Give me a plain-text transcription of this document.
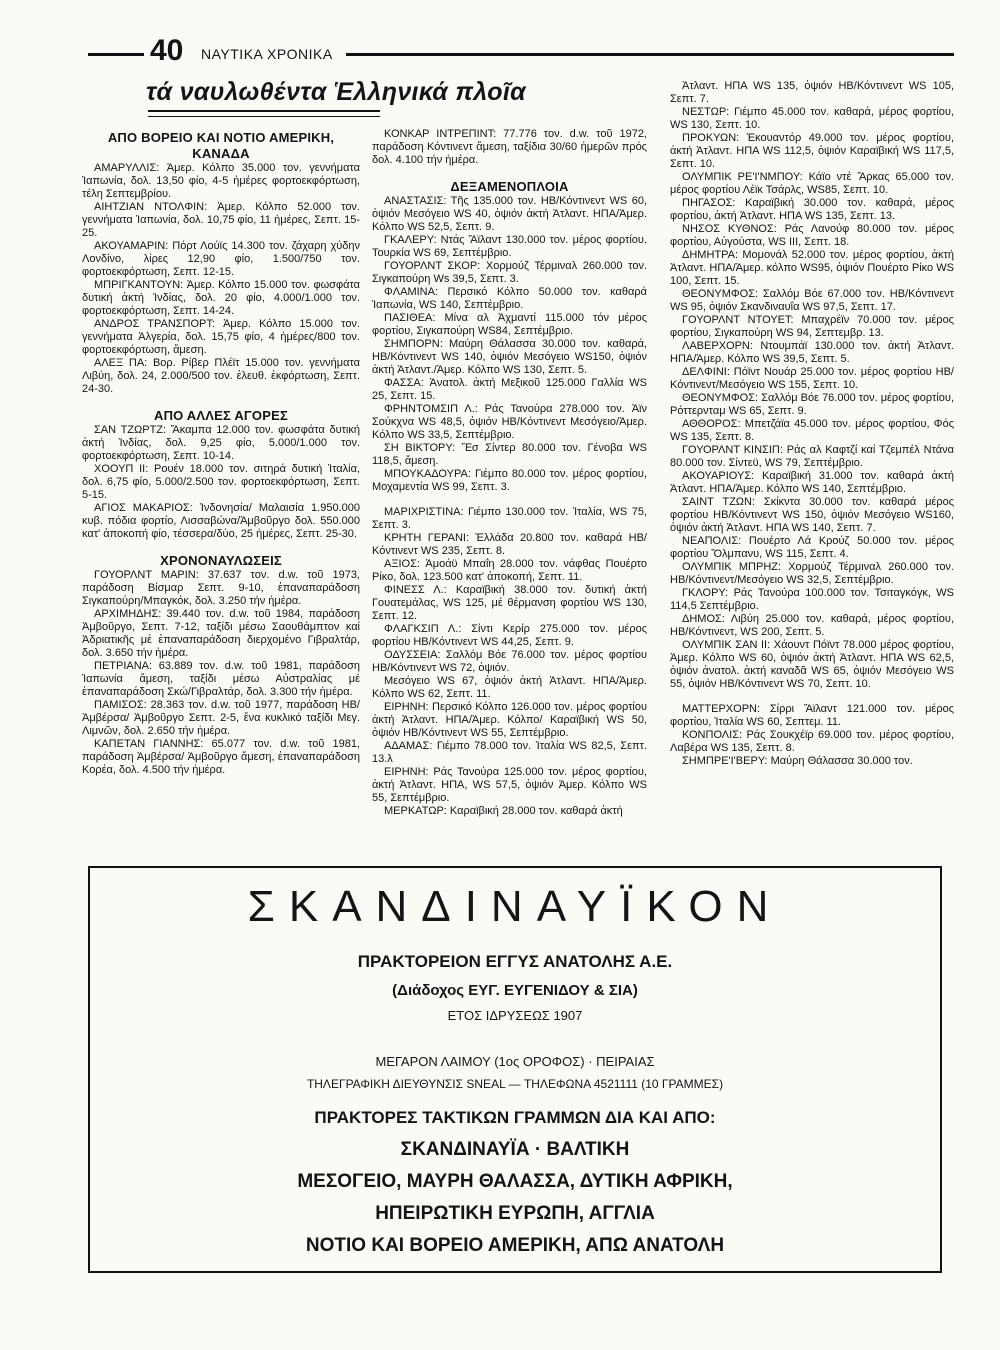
40 ΝΑΥΤΙΚΑ ΧΡΟΝΙΚΑ
τά ναυλωθέντα Ἑλληνικά πλοῖα
ΑΠΟ ΒΟΡΕΙΟ ΚΑΙ ΝΟΤΙΟ ΑΜΕΡΙΚΗ, ΚΑΝΑΔΑ

ΑΜΑΡΥΛΛΙΣ: Ἀμερ. Κόλπο 35.000 τον. γεννήματα Ἰαπωνία, δολ. 13,50 φίο, 4-5 ἡμέρες φορτοεκφόρτωση, τέλη Σεπτεμβρίου.

ΑΙΗΤΖΙΑΝ ΝΤΟΛΦΙΝ: Ἀμερ. Κόλπο 52.000 τον. γεννήματα Ἰαπωνία, δολ. 10,75 φίο, 11 ἡμέρες, Σεπτ. 15-25.

ΑΚΟΥΑΜΑΡΙΝ: Πόρτ Λούϊς 14.300 τον. ζάχαρη χύδην Λονδίνο, λίρες 12,90 φίο, 1.500/750 τον. φορτοεκφόρτωση, Σεπτ. 12-15.

ΜΠΡΙΓΚΑΝΤΟΥΝ: Ἀμερ. Κόλπο 15.000 τον. φωσφάτα δυτική ἀκτή Ἰνδίας, δολ. 20 φίο, 4.000/1.000 τον. φορτοεκφόρτωση, Σεπτ. 14-24.

ΑΝΔΡΟΣ ΤΡΑΝΣΠΟΡΤ: Ἀμερ. Κόλπο 15.000 τον. γεννήματα Ἀλγερία, δολ. 15,75 φίο, 4 ἡμέρες/800 τον. φορτοεκφόρτωση, ἄμεση.

ΑΛΕΞ ΠΑ: Βορ. Ρίβερ Πλέϊτ 15.000 τον. γεννήματα Λιβύη, δολ. 24, 2.000/500 τον. ἐλευθ. ἐκφόρτωση, Σεπτ. 24-30.

ΑΠΟ ΑΛΛΕΣ ΑΓΟΡΕΣ

ΣΑΝ ΤΖΩΡΤΖ: Ἄκαμπα 12.000 τον. φωσφάτα δυτική ἀκτή Ἰνδίας, δολ. 9,25 φίο, 5.000/1.000 τον. φορτοεκφόρτωση, Σεπτ. 10-14.

ΧΟΟΥΠ ΙΙ: Ρουέν 18.000 τον. σιτηρά δυτική Ἰταλία, δολ. 6,75 φίο, 5.000/2.500 τον. φορτοεκφόρτωση, Σεπτ. 5-15.

ΑΓΙΟΣ ΜΑΚΑΡΙΟΣ: Ἰνδονησία/ Μαλαισία 1.950.000 κυβ. πόδια φορτίο, Λισσαβώνα/Ἀμβοῦργο δολ. 550.000 κατ' ἀποκοπή φίο, τέσσερα/δύο, 25 ἡμέρες, Σεπτ. 25-30.

ΧΡΟΝΟΝΑΥΛΩΣΕΙΣ

ΓΟΥΟΡΛΝΤ ΜΑΡΙΝ: 37.637 τον. d.w. τοῦ 1973, παράδοση Βίσμαρ Σεπτ. 9-10, ἐπαναπαράδοση Σιγκαπούρη/Μπαγκόκ, δολ. 3.250 τήν ἡμέρα.

ΑΡΧΙΜΗΔΗΣ: 39.440 τον. d.w. τοῦ 1984, παράδοση Ἀμβοῦργο, Σεπτ. 7-12, ταξίδι μέσω Σαουθάμπτον καί Ἀδριατικῆς μέ ἐπαναπαράδοση διερχομένο Γιβραλτάρ, δολ. 3.650 τήν ἡμέρα.

ΠΕΤΡΙΑΝΑ: 63.889 τον. d.w. τοῦ 1981, παράδοση Ἰαπωνία ἄμεση, ταξίδι μέσω Αὐστραλίας μέ ἐπαναπαράδοση Σκώ/Γιβραλτάρ, δολ. 3.300 τήν ἡμέρα.

ΠΑΜΙΣΟΣ: 28.363 τον. d.w. τοῦ 1977, παράδοση ΗΒ/Ἀμβέρσα/ Ἀμβοῦργο Σεπτ. 2-5, ἕνα κυκλικό ταξίδι Μεγ. Λιμνῶν, δολ. 2.650 τήν ἡμέρα.

ΚΑΠΕΤΑΝ ΓΙΑΝΝΗΣ: 65.077 τον. d.w. τοῦ 1981, παράδοση Ἀμβέρσα/ Ἀμβοῦργο ἄμεση, ἐπαναπαράδοση Κορέα, δολ. 4.500 τήν ἡμέρα.

ΚΟΝΚΑΡ ΙΝΤΡΕΠΙΝΤ: 77.776 τον. d.w. τοῦ 1972, παράδοση Κόντινεντ ἄμεση, ταξίδια 30/60 ἡμερῶν πρός δολ. 4.100 τήν ἡμέρα.

ΔΕΞΑΜΕΝΟΠΛΟΙΑ

ΑΝΑΣΤΑΣΙΣ: Τῆς 135.000 τον. ΗΒ/Κόντινεντ WS 60, ὀψιόν Μεσόγειο WS 40, ὀψιόν ἀκτή Ἀτλαντ. ΗΠΑ/Ἀμερ. Κόλπο WS 52,5, Σεπτ. 9.

ΓΚΑΛΕΡΥ: Ντάς Ἄϊλαντ 130.000 τον. μέρος φορτίου. Τουρκία WS 69, Σεπτέμβριο.

ΓΟΥΟΡΛΝΤ ΣΚΟΡ: Χορμούζ Τέρμιναλ 260.000 τον. Σιγκαπούρη Ws 39,5, Σεπτ. 3.

ΦΛΑΜΙΝΑ: Περσικό Κόλπο 50.000 τον. καθαρά Ἰαπωνία, WS 140, Σεπτέμβριο.

ΠΑΣΙΘΕΑ: Μίνα αλ Ἀχμαντί 115.000 τόν μέρος φορτίου, Σιγκαπούρη WS84, Σεπτέμβριο.

ΣΗΜΠΟΡΝ: Μαύρη Θάλασσα 30.000 τον. καθαρά, ΗΒ/Κόντινεντ WS 140, ὀψιόν Μεσόγειο WS150, ὀψιόν ἀκτή Ἀτλαντ./Ἀμερ. Κόλπο WS 130, Σεπτ. 5.

ΦΑΣΣΑ: Ἀνατολ. ἀκτή Μεξικοῦ 125.000 Γαλλία WS 25, Σεπτ. 15.

ΦΡΗΝΤΟΜΣΙΠ Λ.: Ράς Τανούρα 278.000 τον. Ἀϊν Σούκχνα WS 48,5, ὀψιόν ΗΒ/Κόντινεντ Μεσόγειο/Ἀμερ. Κόλπο WS 33,5, Σεπτέμβριο.

ΣΗ ΒΙΚΤΟΡΥ: Ἔσ Σίντερ 80.000 τον. Γένοβα WS 118,5, ἄμεση.

ΜΠΟΥΚΑΔΟΥΡΑ: Γιέμπο 80.000 τον. μέρος φορτίου, Μοχαμεντία WS 99, Σεπτ. 3.

ΜΑΡΙΧΡΙΣΤΙΝΑ: Γιέμπο 130.000 τον. Ἰταλία, WS 75, Σεπτ. 3.

ΚΡΗΤΗ ΓΕΡΑΝΙ: Ἑλλάδα 20.800 τον. καθαρά ΗΒ/Κόντινεντ WS 235, Σεπτ. 8.

ΑΞΙΟΣ: Ἀμοάϋ Μπαΐη 28.000 τον. νάφθας Πουέρτο Ρίκο, δολ. 123.500 κατ' ἀποκοπή, Σεπτ. 11.

ΦΙΝΕΣΣ Λ.: Καραϊβική 38.000 τον. δυτική ἀκτή Γουατεμάλας, WS 125, μέ θέρμανση φορτίου WS 130, Σεπτ. 12.

ΦΛΑΓΚΣΙΠ Λ.: Σίντι Κερίρ 275.000 τον. μέρος φορτίου ΗΒ/Κόντινεντ WS 44,25, Σεπτ. 9.

ΟΔΥΣΣΕΙΑ: Σαλλόμ Βόε 76.000 τον. μέρος φορτίου ΗΒ/Κόντινεντ WS 72, ὀψιόν.

Μεσόγειο WS 67, ὀψιόν ἀκτή Ἀτλαντ. ΗΠΑ/Ἀμερ. Κόλπο WS 62, Σεπτ. 11.

ΕΙΡΗΝΗ: Περσικό Κόλπο 126.000 τον. μέρος φορτίου ἀκτή Ἀτλαντ. ΗΠΑ/Ἀμερ. Κόλπο/ Καραϊβική WS 50, ὀψιόν ΗΒ/Κόντινεντ WS 55, Σεπτέμβριο.

ΑΔΑΜΑΣ: Γιέμπο 78.000 τον. Ἰταλία WS 82,5, Σεπτ. 13.λ

ΕΙΡΗΝΗ: Ράς Τανούρα 125.000 τον. μέρος φορτίου, ἀκτή Ἀτλαντ. ΗΠΑ, WS 57,5, ὀψιόν Ἀμερ. Κόλπο WS 55, Σεπτέμβριο.

ΜΕΡΚΑΤΩΡ: Καραϊβική 28.000 τον. καθαρά ἀκτή

Ἀτλαντ. ΗΠΑ WS 135, ὀψιόν ΗΒ/Κόντινεντ WS 105, Σεπτ. 7.

ΝΕΣΤΩΡ: Γιέμπο 45.000 τον. καθαρά, μέρος φορτίου, WS 130, Σεπτ. 10.

ΠΡΟΚΥΩΝ: Ἐκουαντόρ 49.000 τον. μέρος φορτίου, ἀκτή Ἀτλαντ. ΗΠΑ WS 112,5, ὀψιόν Καραϊβική WS 117,5, Σεπτ. 10.

ΟΛΥΜΠΙΚ ΡΕ'Ι'ΝΜΠΟΥ: Κάϊο ντέ Ἄρκας 65.000 τον. μέρος φορτίου Λέϊκ Τσάρλς, WS85, Σεπτ. 10.

ΠΗΓΑΣΟΣ: Καραϊβική 30.000 τον. καθαρά, μέρος φορτίου, ἀκτή Ἀτλαντ. ΗΠΑ WS 135, Σεπτ. 13.

ΝΗΣΟΣ ΚΥΘΝΟΣ: Ράς Λανούφ 80.000 τον. μέρος φορτίου, Αὐγούστα, WS III, Σεπτ. 18.

ΔΗΜΗΤΡΑ: Μομονάλ 52.000 τον. μέρος φορτίου, ἀκτή Ἀτλαντ. ΗΠΑ/Ἀμερ. κόλπο WS95, ὀψιόν Πουέρτο Ρίκο WS 100, Σεπτ. 15.

ΘΕΟΝΥΜΦΟΣ: Σαλλόμ Βόε 67.000 τον. ΗΒ/Κόντινεντ WS 95, ὀψιόν Σκανδιναυΐα WS 97,5, Σεπτ. 17.

ΓΟΥΟΡΛΝΤ ΝΤΟΥΕΤ: Μπαχρέϊν 70.000 τον. μέρος φορτίου, Σιγκαπούρη WS 94, Σεπτεμβρ. 13.

ΛΑΒΕΡΧΟΡΝ: Ντουμπάϊ 130.000 τον. ἀκτή Ἀτλαντ. ΗΠΑ/Ἀμερ. Κόλπο WS 39,5, Σεπτ. 5.

ΔΕΛΦΙΝΙ: Πόϊντ Νουάρ 25.000 τον. μέρος φορτίου ΗΒ/Κόντινεντ/Μεσόγειο WS 155, Σεπτ. 10.

ΘΕΟΝΥΜΦΟΣ: Σαλλόμ Βόε 76.000 τον. μέρος φορτίου, Ρόττερνταμ WS 65, Σεπτ. 9.

ΑΘΘΟΡΟΣ: Μπετζάϊα 45.000 τον. μέρος φορτίου, Φός WS 135, Σεπτ. 8.

ΓΟΥΟΡΛΝΤ ΚΙΝΣΙΠ: Ράς αλ Καφτζί καί Τζεμπέλ Ντάνα 80.000 τον. Σίντεϋ, WS 79, Σεπτέμβριο.

ΑΚΟΥΑΡΙΟΥΣ: Καραϊβική 31.000 τον. καθαρά ἀκτή Ἀτλαντ. ΗΠΑ/Ἀμερ. Κόλπο WS 140, Σεπτέμβριο.

ΣΑΙΝΤ ΤΖΩΝ: Σκίκντα 30.000 τον. καθαρά μέρος φορτίου ΗΒ/Κόντινεντ WS 150, ὀψιόν Μεσόγειο WS160, ὀψιόν ἀκτή Ἀτλαντ. ΗΠΑ WS 140, Σεπτ. 7.

ΝΕΑΠΟΛΙΣ: Πουέρτο Λά Κρούζ 50.000 τον. μέρος φορτίου Ὄλμπανυ, WS 115, Σεπτ. 4.

ΟΛΥΜΠΙΚ ΜΠΡΗΖ: Χορμούζ Τέρμιναλ 260.000 τον. ΗΒ/Κόντινεντ/Μεσόγειο WS 32,5, Σεπτέμβριο.

ΓΚΛΟΡΥ: Ράς Τανούρα 100.000 τον. Τσιταγκόγκ, WS 114,5 Σεπτέμβριο.

ΔΗΜΟΣ: Λιβύη 25.000 τον. καθαρά, μέρος φορτίου, ΗΒ/Κόντινεντ, WS 200, Σεπτ. 5.

ΟΛΥΜΠΙΚ ΣΑΝ ΙΙ: Χάουντ Πόϊντ 78.000 μέρος φορτίου, Ἀμερ. Κόλπο WS 60, ὀψιόν ἀκτή Ἀτλαντ. ΗΠΑ WS 62,5, ὀψιόν ἀνατολ. ἀκτή καναδᾶ WS 65, ὀψιόν Μεσόγειο WS 55, ὀψιόν ΗΒ/Κόντινεντ WS 70, Σεπτ. 10.

ΜΑΤΤΕΡΧΟΡΝ: Σίρρι Ἄϊλαντ 121.000 τον. μέρος φορτίου, Ἰταλία WS 60, Σεπτεμ. 11.

ΚΟΝΠΟΛΙΣ: Ράς Σουκχέϊρ 69.000 τον. μέρος φορτίου, Λαβέρα WS 135, Σεπτ. 8.

ΣΗΜΠΡΕ'Ι'ΒΕΡΥ: Μαύρη Θάλασσα 30.000 τον.

ΣΚΑΝΔΙΝΑΥΪΚΟΝ
ΠΡΑΚΤΟΡΕΙΟΝ ΕΓΓΥΣ ΑΝΑΤΟΛΗΣ Α.Ε.
(Διάδοχος ΕΥΓ. ΕΥΓΕΝΙΔΟΥ & ΣΙΑ)
ΕΤΟΣ ΙΔΡΥΣΕΩΣ 1907
ΜΕΓΑΡΟΝ ΛΑΙΜΟΥ (1ος ΟΡΟΦΟΣ) · ΠΕΙΡΑΙΑΣ
ΤΗΛΕΓΡΑΦΙΚΗ ΔΙΕΥΘΥΝΣΙΣ SNEAL — ΤΗΛΕΦΩΝΑ 4521111 (10 ΓΡΑΜΜΕΣ)
ΠΡΑΚΤΟΡΕΣ ΤΑΚΤΙΚΩΝ ΓΡΑΜΜΩΝ ΔΙΑ ΚΑΙ ΑΠΟ:
ΣΚΑΝΔΙΝΑΥΪΑ · ΒΑΛΤΙΚΗ
ΜΕΣΟΓΕΙΟ, ΜΑΥΡΗ ΘΑΛΑΣΣΑ, ΔΥΤΙΚΗ ΑΦΡΙΚΗ,
ΗΠΕΙΡΩΤΙΚΗ ΕΥΡΩΠΗ, ΑΓΓΛΙΑ
ΝΟΤΙΟ ΚΑΙ ΒΟΡΕΙΟ ΑΜΕΡΙΚΗ, ΑΠΩ ΑΝΑΤΟΛΗ
